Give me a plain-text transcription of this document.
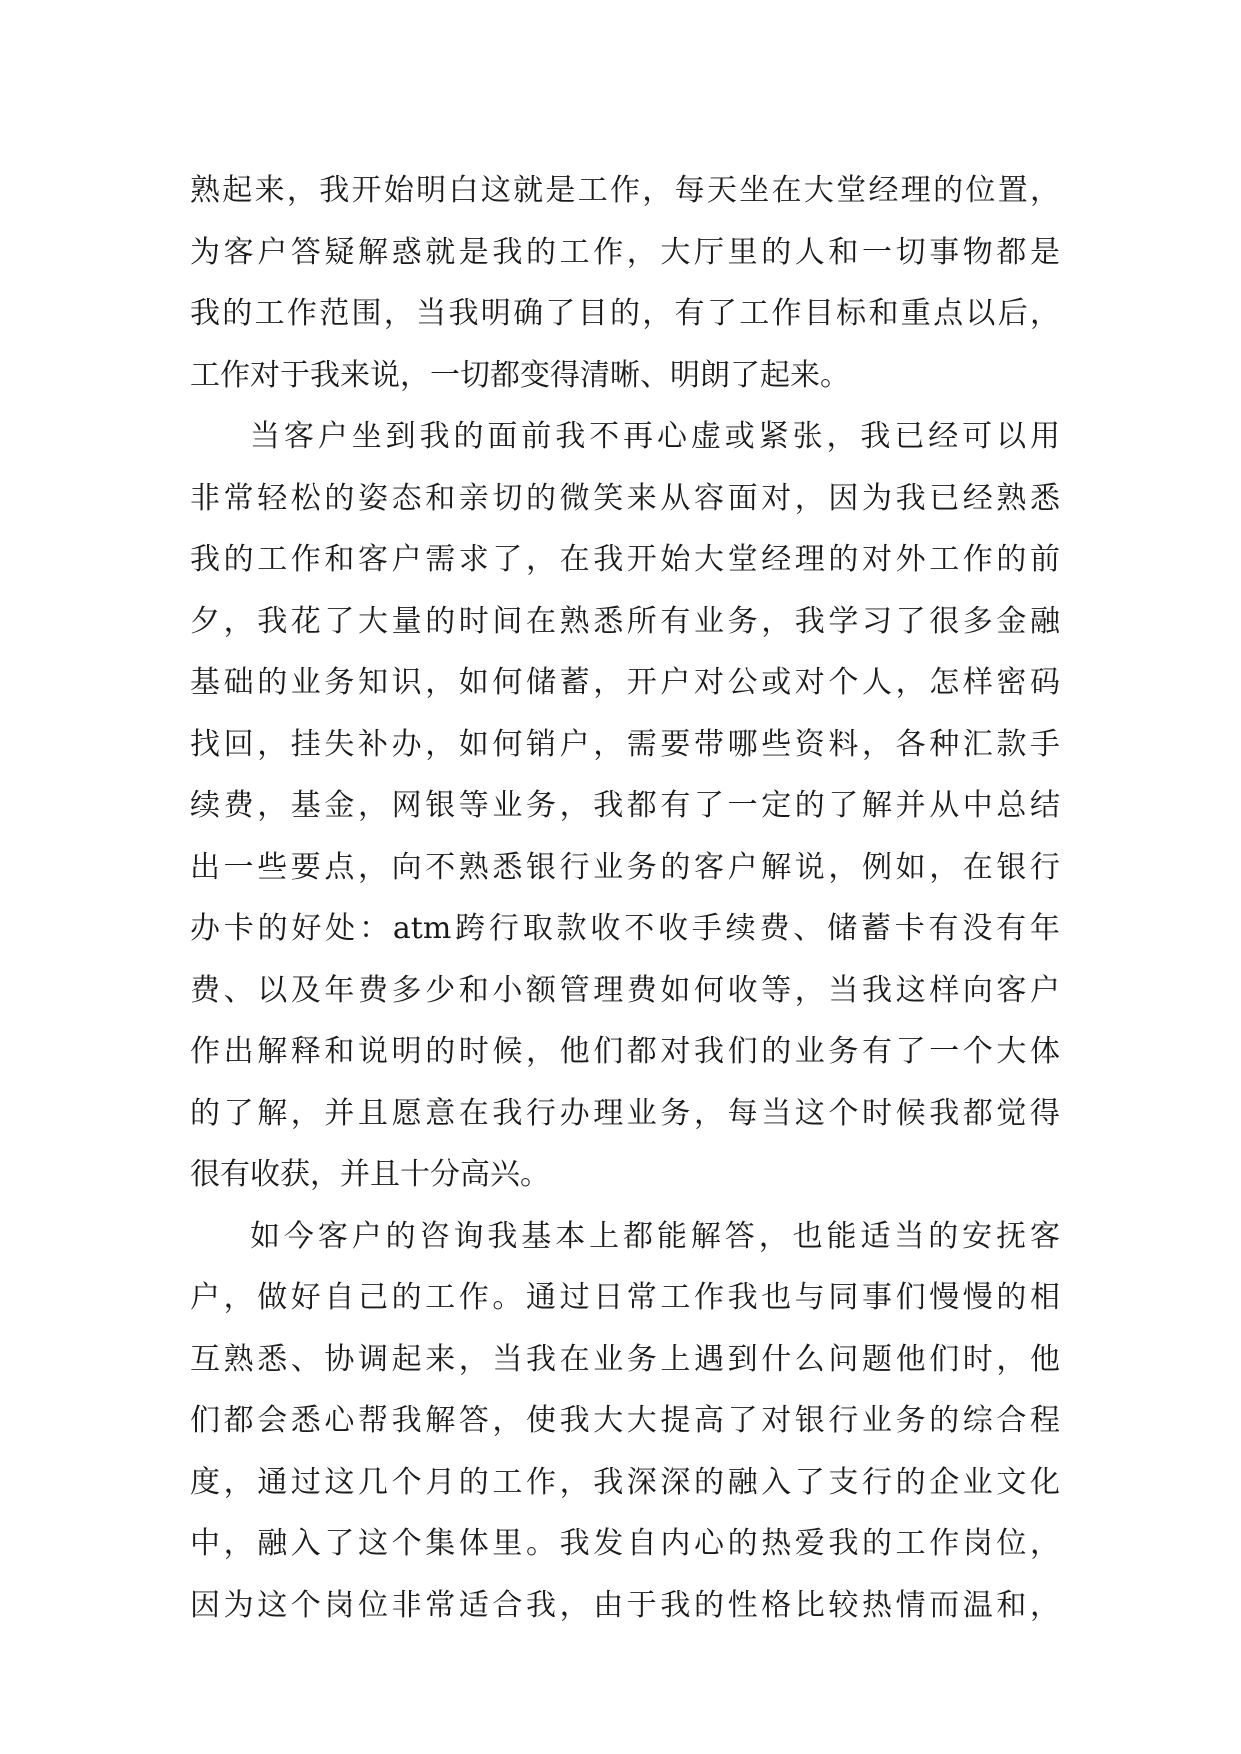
熟起来，我开始明白这就是工作，每天坐在大堂经理的位置，
为客户答疑解惑就是我的工作，大厅里的人和一切事物都是
我的工作范围，当我明确了目的，有了工作目标和重点以后，
工作对于我来说，一切都变得清晰、明朗了起来。
当客户坐到我的面前我不再心虚或紧张，我已经可以用
非常轻松的姿态和亲切的微笑来从容面对，因为我已经熟悉
我的工作和客户需求了，在我开始大堂经理的对外工作的前
夕，我花了大量的时间在熟悉所有业务，我学习了很多金融
基础的业务知识，如何储蓄，开户对公或对个人，怎样密码
找回，挂失补办，如何销户，需要带哪些资料，各种汇款手
续费，基金，网银等业务，我都有了一定的了解并从中总结
出一些要点，向不熟悉银行业务的客户解说，例如，在银行
办卡的好处：atm跨行取款收不收手续费、储蓄卡有没有年
费、以及年费多少和小额管理费如何收等，当我这样向客户
作出解释和说明的时候，他们都对我们的业务有了一个大体
的了解，并且愿意在我行办理业务，每当这个时候我都觉得
很有收获，并且十分高兴。
如今客户的咨询我基本上都能解答，也能适当的安抚客
户，做好自己的工作。通过日常工作我也与同事们慢慢的相
互熟悉、协调起来，当我在业务上遇到什么问题他们时，他
们都会悉心帮我解答，使我大大提高了对银行业务的综合程
度，通过这几个月的工作，我深深的融入了支行的企业文化
中，融入了这个集体里。我发自内心的热爱我的工作岗位，
因为这个岗位非常适合我，由于我的性格比较热情而温和，
